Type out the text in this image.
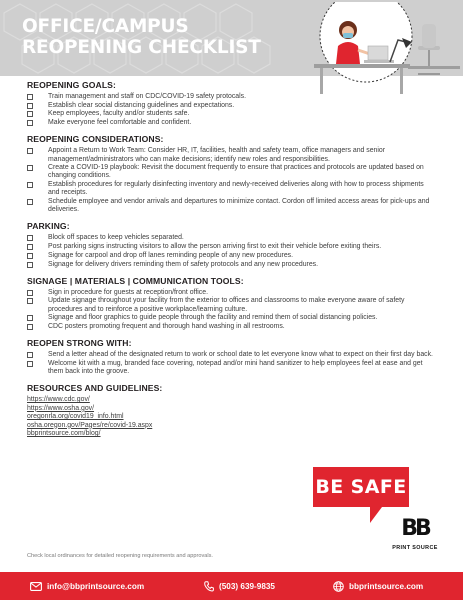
OFFICE/CAMPUS
REOPENING CHECKLIST
REOPENING GOALS:
Train management and staff on CDC/COVID-19 safety protocals.
Establish clear social distancing guidelines and expectations.
Keep employees, faculty and/or students safe.
Make everyone feel comfortable and confident.
REOPENING CONSIDERATIONS:
Appoint a Return to Work Team: Consider HR, IT, facilities, health and safety team, office managers and senior management/administrators who can make decisions; identify new roles and responsibilities.
Create a COVID-19 playbook: Revisit the document frequently to ensure that practices and protocols are updated based on changing conditions.
Establish procedures for regularly disinfecting inventory and newly-received deliveries along with how to process shipments and receipts.
Schedule employee and vendor arrivals and departures to minimize contact. Cordon off limited access areas for pick-ups and deliveries.
PARKING:
Block off spaces to keep vehicles separated.
Post parking signs instructing visitors to allow the person arriving first to exit their vehicle before exiting theirs.
Signage for carpool and drop off lanes reminding people of any new procedures.
Signage for delivery drivers reminding them of safety protocols and any new procedures.
SIGNAGE | MATERIALS | COMMUNICATION TOOLS:
Sign in procedure for guests at reception/front office.
Update signage throughout your facility from the exterior to offices and classrooms to make everyone aware of safety procedures and to reinforce a positive workplace/learning culture.
Signage and floor graphics to guide people through the facility and remind them of social distancing policies.
CDC posters promoting frequent and thorough hand washing in all restrooms.
REOPEN STRONG WITH:
Send a letter ahead of the designated return to work or school date to let everyone know what to expect on their first day back.
Welcome kit with a mug, branded face covering, notepad and/or mini hand sanitizer to help employees feel at ease and get them back into the groove.
RESOURCES AND GUIDELINES:
https://www.cdc.gov/
https://www.osha.gov/
oregonrla.org/covid19_info.html
osha.oregon.gov/Pages/re/covid-19.aspx
bbprintsource.com/blog/
Check local ordinances for detailed reopening requirements and approvals.
BE SAFE
BB
PRINT SOURCE
info@bbprintsource.com	(503) 639-9835	bbprintsource.com
